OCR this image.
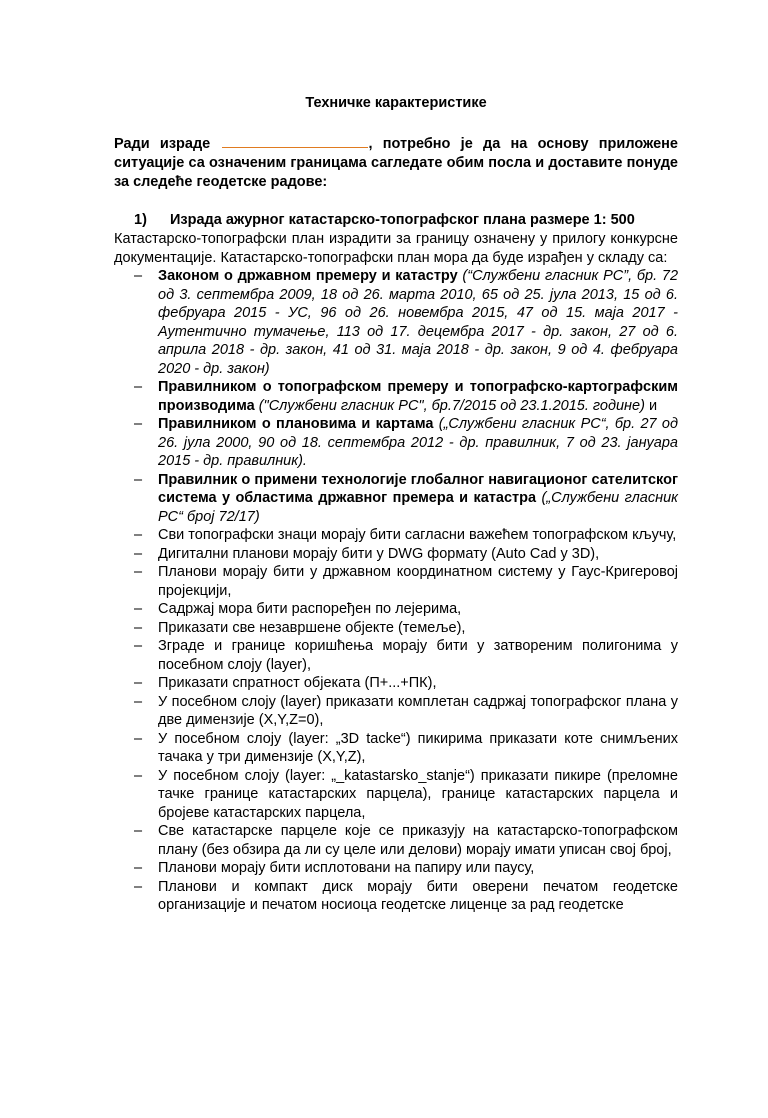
Техничке карактеристике

Ради израде	, потребно је да на основу приложене ситуације са означеним границама сагледате обим посла и доставите понуде за следеће геодетске радове:

1) Израда ажурног катастарско-топографског плана размере 1: 500

Катастарско-топографски план израдити за границу означену у прилогу конкурсне документације. Катастарско-топографски план мора да буде израђен у складу са:

– Законом о државном премеру и катастру (“Службени гласник РС”, бр. 72 од 3. септембра 2009, 18 од 26. марта 2010, 65 од 25. јула 2013, 15 од 6. фебруара 2015 - УС, 96 од 26. новембра 2015, 47 од 15. маја 2017 - Аутентично тумачење, 113 од 17. децембра 2017 - др. закон, 27 од 6. априла 2018 - др. закон, 41 од 31. маја 2018 - др. закон, 9 од 4. фебруара 2020 - др. закон)
– Правилником о топографском премеру и топографско-картографским производима ("Службени гласник РС", бр.7/2015 од 23.1.2015. године) и
– Правилником о плановима и картама („Службени гласник РС“, бр. 27 од 26. јула 2000, 90 од 18. септембра 2012 - др. правилник, 7 од 23. јануара 2015 - др. правилник).
– Правилник о примени технологије глобалног навигационог сателитског система у областима државног премера и катастра („Службени гласник РС“ број 72/17)
– Сви топографски знаци морају бити сагласни важећем топографском кључу,
– Дигитални планови морају бити у DWG формату (Auto Cad у 3D),
– Планови морају бити у државном координатном систему у Гаус-Кригеровој пројекцији,
– Садржај мора бити распоређен по лејерима,
– Приказати све незавршене објекте (темеље),
– Зграде и границе коришћења морају бити у затвореним полигонима у посебном слоју (layer),
– Приказати спратност објеката (П+...+ПК),
– У посебном слоју (layer) приказати комплетан садржај топографског плана у две димензије (X,Y,Z=0),
– У посебном слоју (layer: „3D tacke“) пикирима приказати коте снимљених тачака у три димензије (X,Y,Z),
– У посебном слоју (layer: „_katastarsko_stanje“) приказати пикире (преломне тачке границе катастарских парцела), границе катастарских парцела и бројеве катастарских парцела,
– Све катастарске парцеле које се приказују на катастарско-топографском плану (без обзира да ли су целе или делови) морају имати уписан свој број,
– Планови морају бити исплотовани на папиру или паусу,
– Планови и компакт диск морају бити оверени печатом геодетске организације и печатом носиоца геодетске лиценце за рад геодетске
